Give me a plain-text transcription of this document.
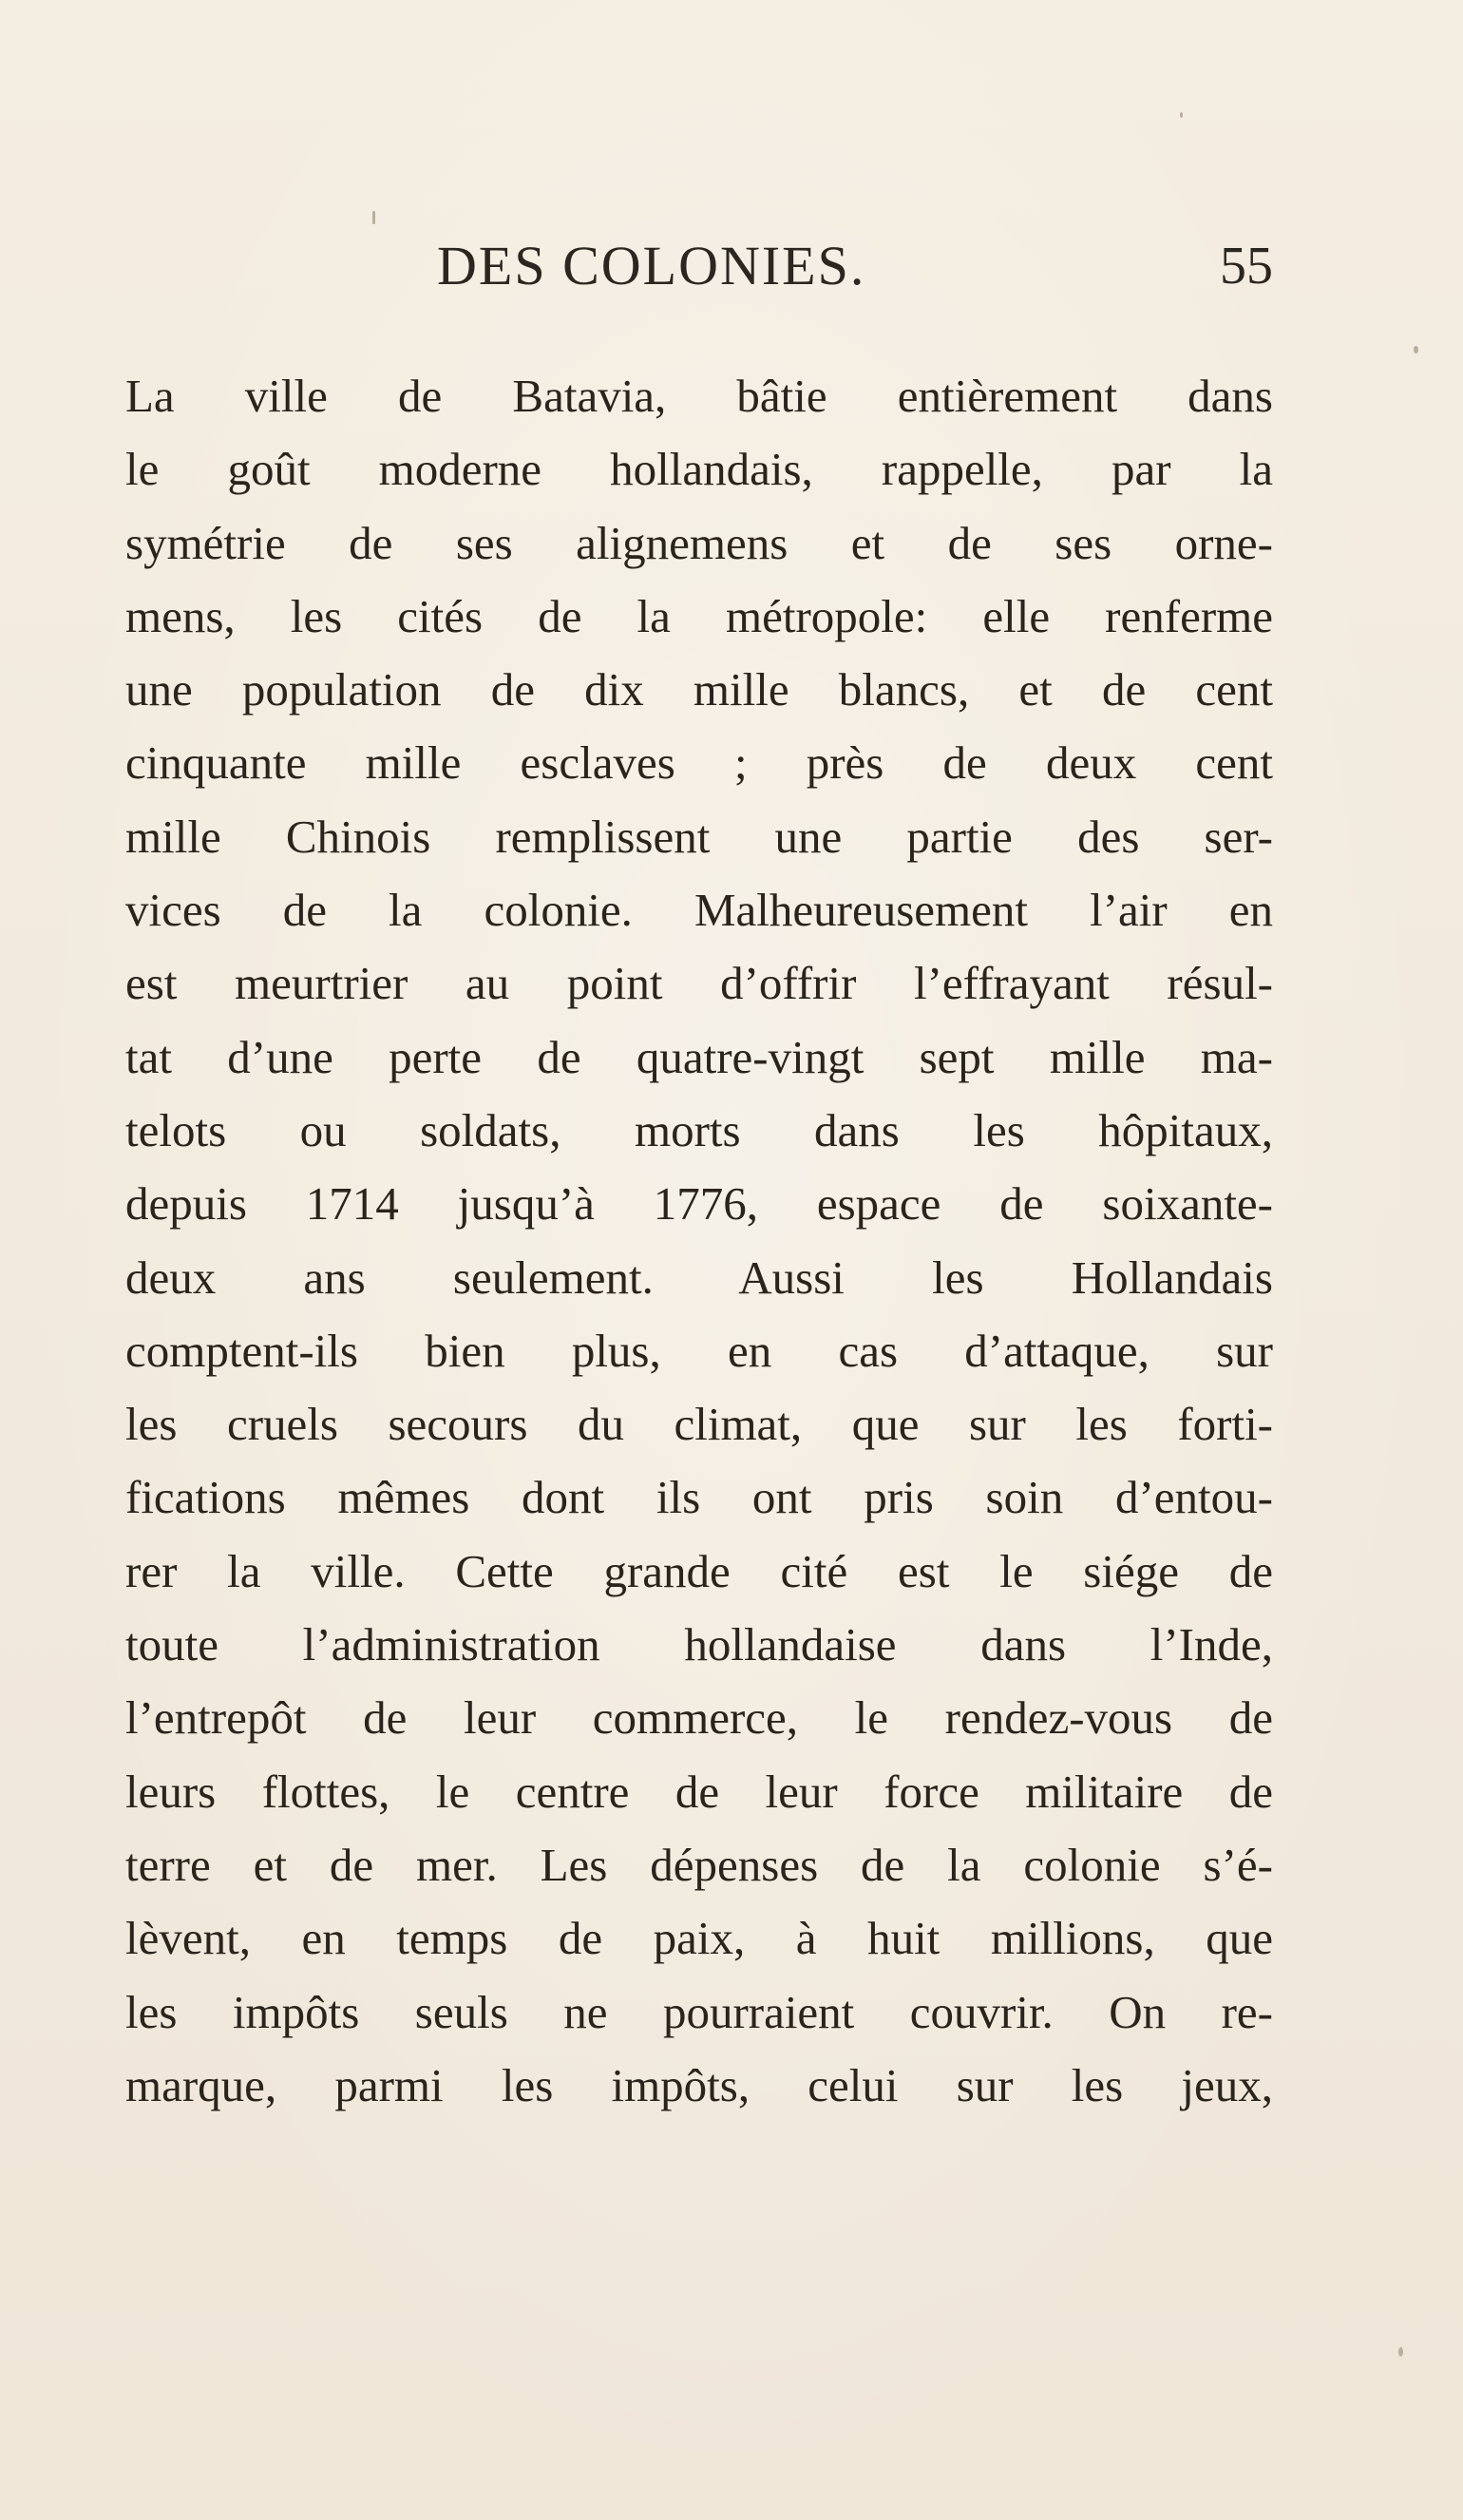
DES COLONIES.	55
La ville de Batavia, bâtie entièrement dans
le goût moderne hollandais, rappelle, par la
symétrie de ses alignemens et de ses orne-
mens, les cités de la métropole: elle renferme
une population de dix mille blancs, et de cent
cinquante mille esclaves ; près de deux cent
mille Chinois remplissent une partie des ser-
vices de la colonie. Malheureusement l’air en
est meurtrier au point d’offrir l’effrayant résul-
tat d’une perte de quatre-vingt sept mille ma-
telots ou soldats, morts dans les hôpitaux,
depuis 1714 jusqu’à 1776, espace de soixante-
deux ans seulement. Aussi les Hollandais
comptent-ils bien plus, en cas d’attaque, sur
les cruels secours du climat, que sur les forti-
fications mêmes dont ils ont pris soin d’entou-
rer la ville. Cette grande cité est le siége de
toute l’administration hollandaise dans l’Inde,
l’entrepôt de leur commerce, le rendez-vous de
leurs flottes, le centre de leur force militaire de
terre et de mer. Les dépenses de la colonie s’é-
lèvent, en temps de paix, à huit millions, que
les impôts seuls ne pourraient couvrir. On re-
marque, parmi les impôts, celui sur les jeux,
